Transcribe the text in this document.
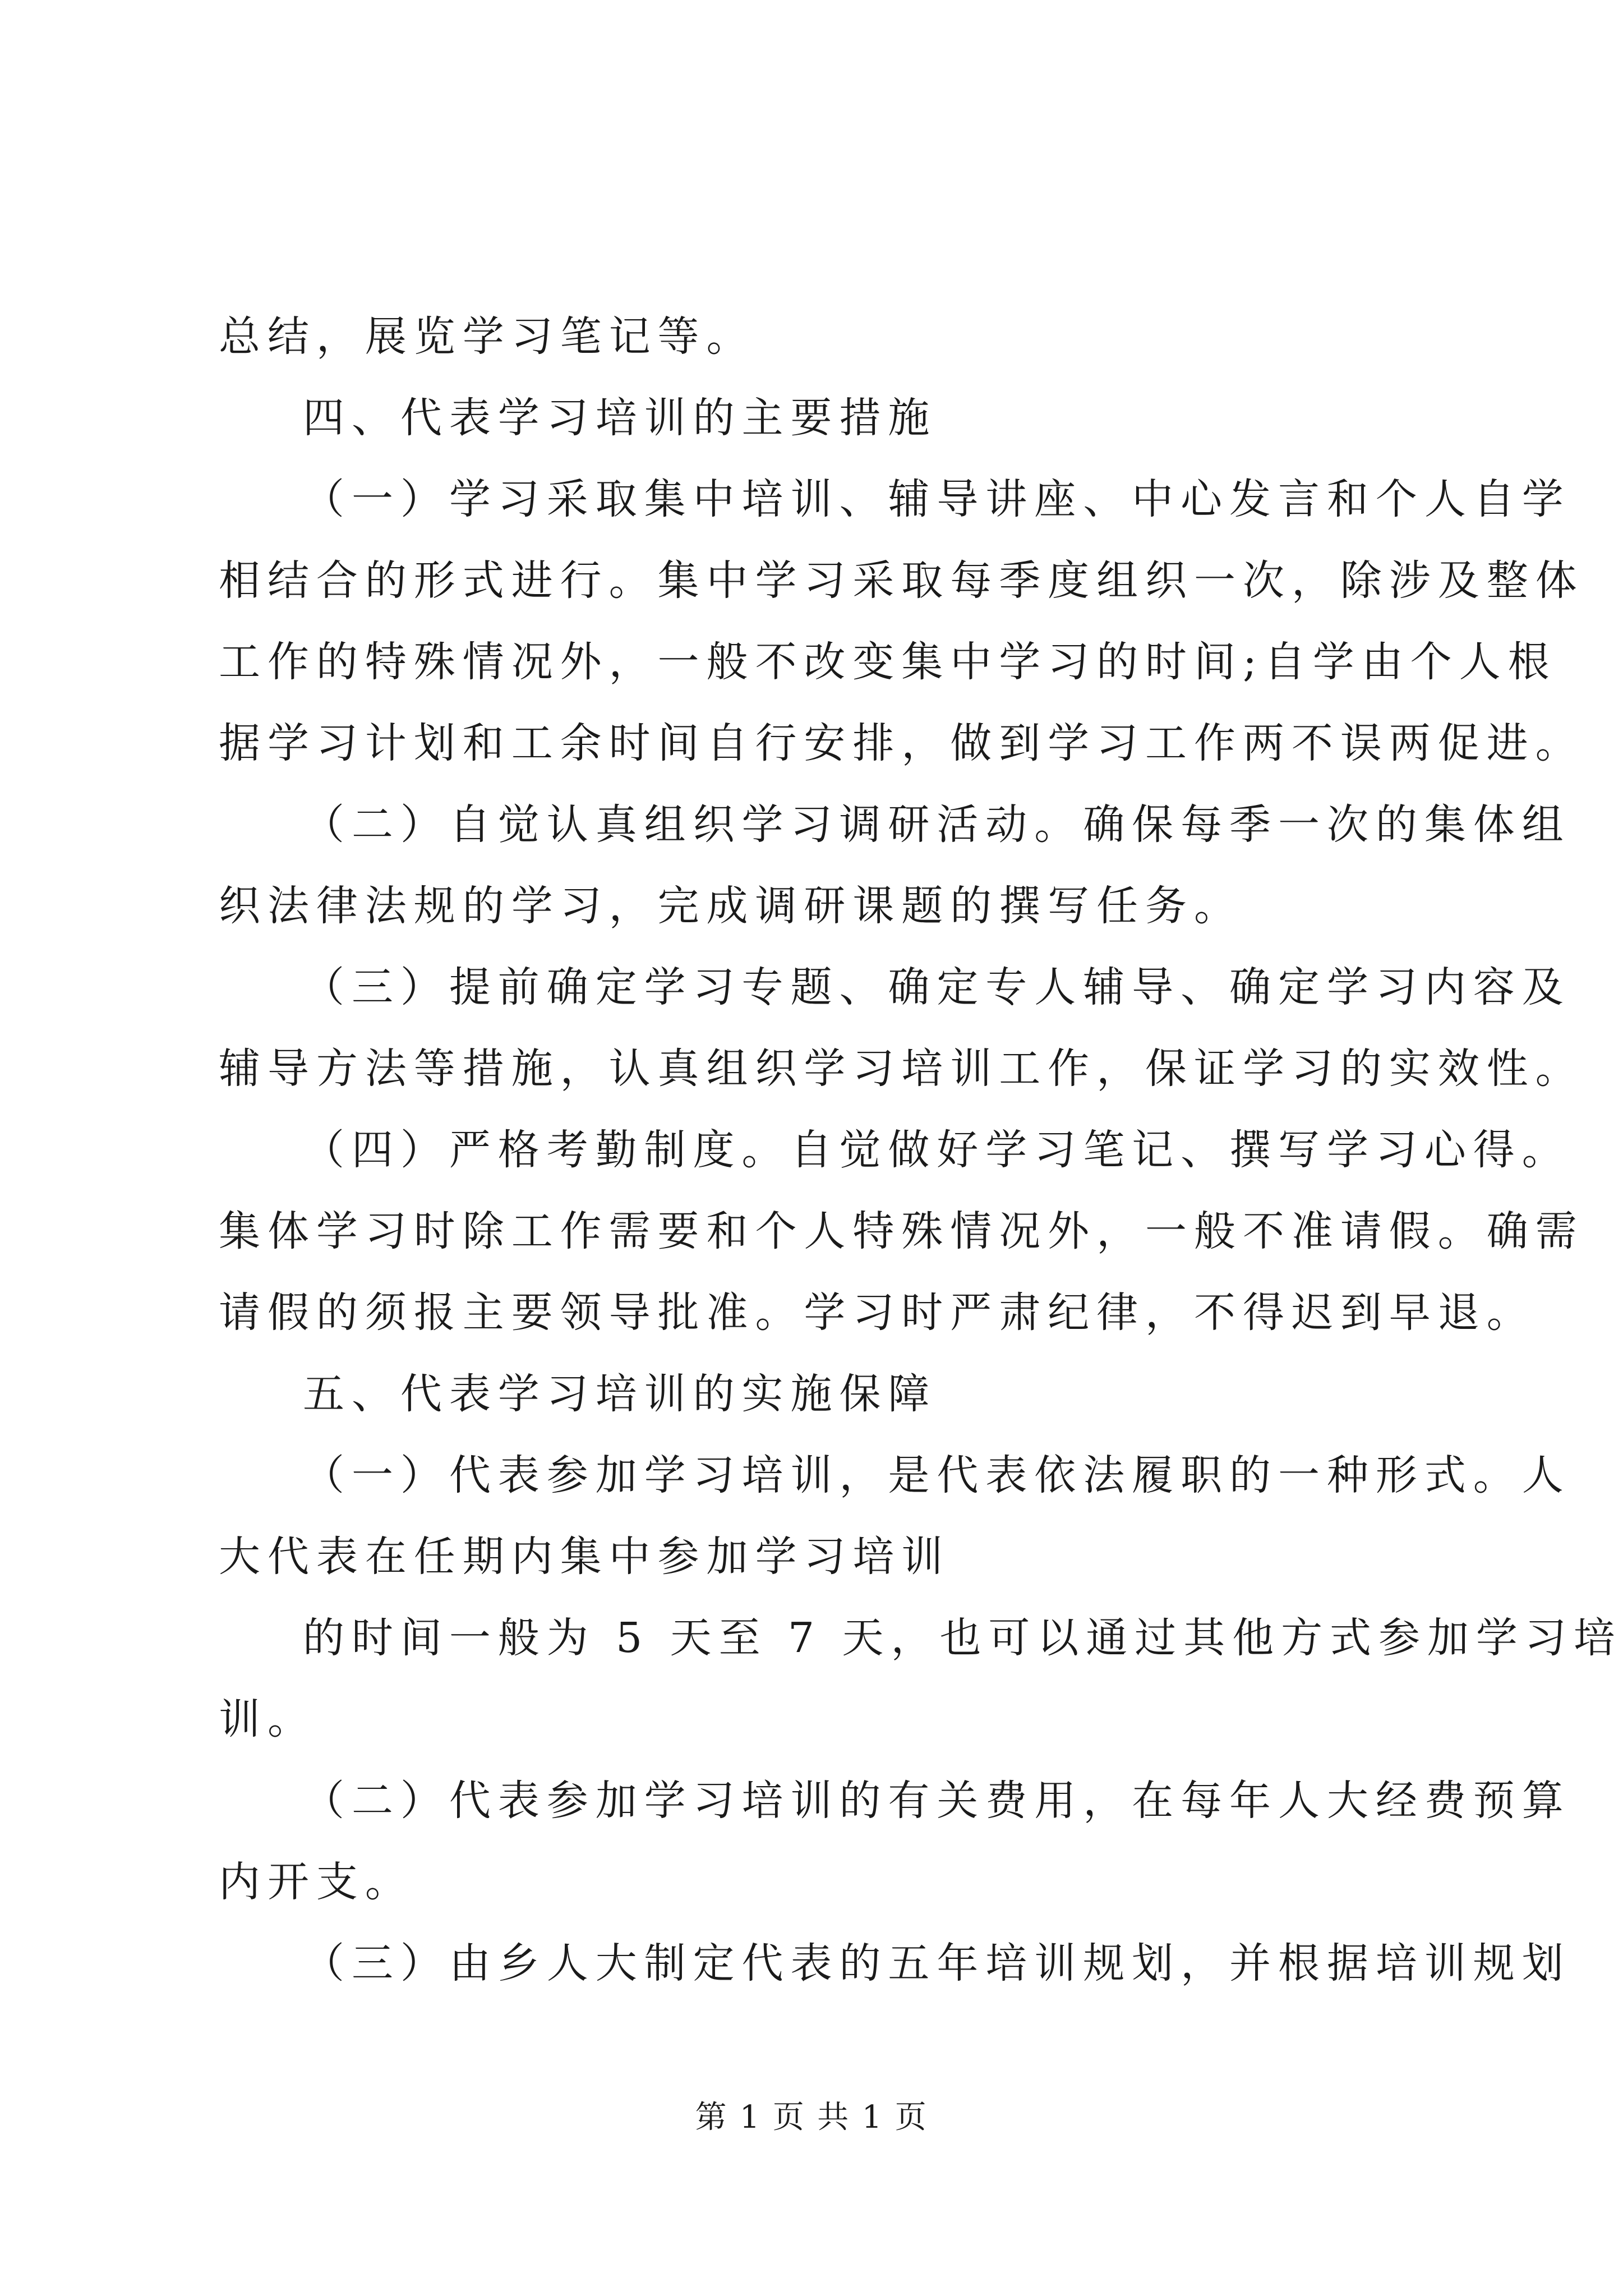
总结，展览学习笔记等。
四、代表学习培训的主要措施
（一）学习采取集中培训、辅导讲座、中心发言和个人自学
相结合的形式进行。集中学习采取每季度组织一次，除涉及整体
工作的特殊情况外，一般不改变集中学习的时间;自学由个人根
据学习计划和工余时间自行安排，做到学习工作两不误两促进。
（二）自觉认真组织学习调研活动。确保每季一次的集体组
织法律法规的学习，完成调研课题的撰写任务。
（三）提前确定学习专题、确定专人辅导、确定学习内容及
辅导方法等措施，认真组织学习培训工作，保证学习的实效性。
（四）严格考勤制度。自觉做好学习笔记、撰写学习心得。
集体学习时除工作需要和个人特殊情况外，一般不准请假。确需
请假的须报主要领导批准。学习时严肃纪律，不得迟到早退。
五、代表学习培训的实施保障
（一）代表参加学习培训，是代表依法履职的一种形式。人
大代表在任期内集中参加学习培训
的时间一般为 5 天至 7 天，也可以通过其他方式参加学习培
训。
（二）代表参加学习培训的有关费用，在每年人大经费预算
内开支。
（三）由乡人大制定代表的五年培训规划，并根据培训规划
第 1 页 共 1 页
